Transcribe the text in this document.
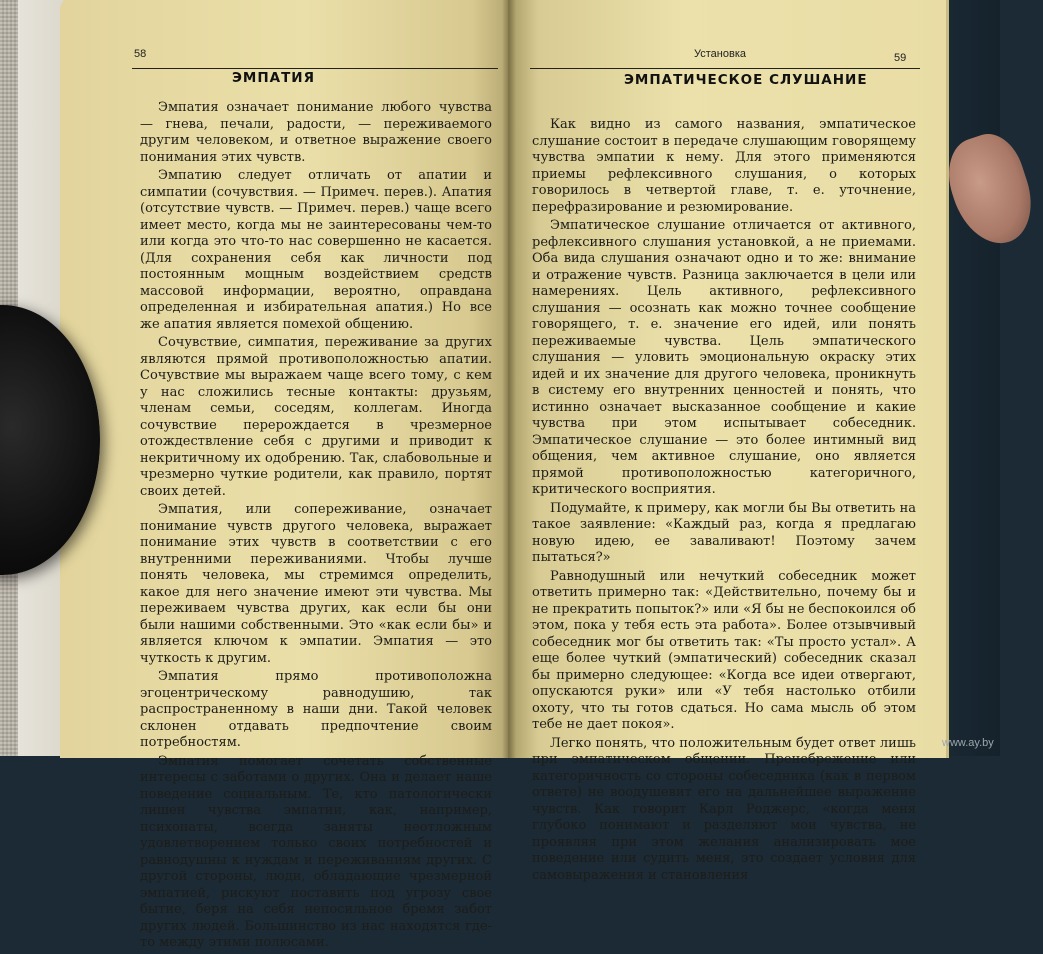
58
ЭМПАТИЯ

Эмпатия означает понимание любого чувства — гнева, печали, радости, — переживаемого другим человеком, и ответное выражение своего понимания этих чувств.

Эмпатию следует отличать от апатии и симпатии (сочувствия. — Примеч. перев.). Апатия (отсутствие чувств. — Примеч. перев.) чаще всего имеет место, когда мы не заинтересованы чем-то или когда это что-то нас совершенно не касается. (Для сохранения себя как личности под постоянным мощным воздействием средств массовой информации, вероятно, оправдана определенная и избирательная апатия.) Но все же апатия является помехой общению.

Сочувствие, симпатия, переживание за других являются прямой противоположностью апатии. Сочувствие мы выражаем чаще всего тому, с кем у нас сложились тесные контакты: друзьям, членам семьи, соседям, коллегам. Иногда сочувствие перерождается в чрезмерное отождествление себя с другими и приводит к некритичному их одобрению. Так, слабовольные и чрезмерно чуткие родители, как правило, портят своих детей.

Эмпатия, или сопереживание, означает понимание чувств другого человека, выражает понимание этих чувств в соответствии с его внутренними переживаниями. Чтобы лучше понять человека, мы стремимся определить, какое для него значение имеют эти чувства. Мы переживаем чувства других, как если бы они были нашими собственными. Это «как если бы» и является ключом к эмпатии. Эмпатия — это чуткость к другим.

Эмпатия прямо противоположна эгоцентрическому равнодушию, так распространенному в наши дни. Такой человек склонен отдавать предпочтение своим потребностям.

Эмпатия помогает сочетать собственные интересы с заботами о других. Она и делает наше поведение социальным. Те, кто патологически лишен чувства эмпатии, как, например, психопаты, всегда заняты неотложным удовлетворением только своих потребностей и равнодушны к нуждам и переживаниям других. С другой стороны, люди, обладающие чрезмерной эмпатией, рискуют поставить под угрозу свое бытие, беря на себя непосильное бремя забот других людей. Большинство из нас находятся где-то между этими полюсами.

Установка	59
ЭМПАТИЧЕСКОЕ СЛУШАНИЕ

Как видно из самого названия, эмпатическое слушание состоит в передаче слушающим говорящему чувства эмпатии к нему. Для этого применяются приемы рефлексивного слушания, о которых говорилось в четвертой главе, т. е. уточнение, перефразирование и резюмирование.

Эмпатическое слушание отличается от активного, рефлексивного слушания установкой, а не приемами. Оба вида слушания означают одно и то же: внимание и отражение чувств. Разница заключается в цели или намерениях. Цель активного, рефлексивного слушания — осознать как можно точнее сообщение говорящего, т. е. значение его идей, или понять переживаемые чувства. Цель эмпатического слушания — уловить эмоциональную окраску этих идей и их значение для другого человека, проникнуть в систему его внутренних ценностей и понять, что истинно означает высказанное сообщение и какие чувства при этом испытывает собеседник. Эмпатическое слушание — это более интимный вид общения, чем активное слушание, оно является прямой противоположностью категоричного, критического восприятия.

Подумайте, к примеру, как могли бы Вы ответить на такое заявление: «Каждый раз, когда я предлагаю новую идею, ее заваливают! Поэтому зачем пытаться?»

Равнодушный или нечуткий собеседник может ответить примерно так: «Действительно, почему бы и не прекратить попыток?» или «Я бы не беспокоился об этом, пока у тебя есть эта работа». Более отзывчивый собеседник мог бы ответить так: «Ты просто устал». А еще более чуткий (эмпатический) собеседник сказал бы примерно следующее: «Когда все идеи отвергают, опускаются руки» или «У тебя настолько отбили охоту, что ты готов сдаться. Но сама мысль об этом тебе не дает покоя».

Легко понять, что положительным будет ответ лишь при эмпатическом общении. Пренебрежение или категоричность со стороны собеседника (как в первом ответе) не воодушевит его на дальнейшее выражение чувств. Как говорит Карл Роджерс, «когда меня глубоко понимают и разделяют мои чувства, не проявляя при этом желания анализировать мое поведение или судить меня, это создает условия для самовыражения и становления

www.ay.by
